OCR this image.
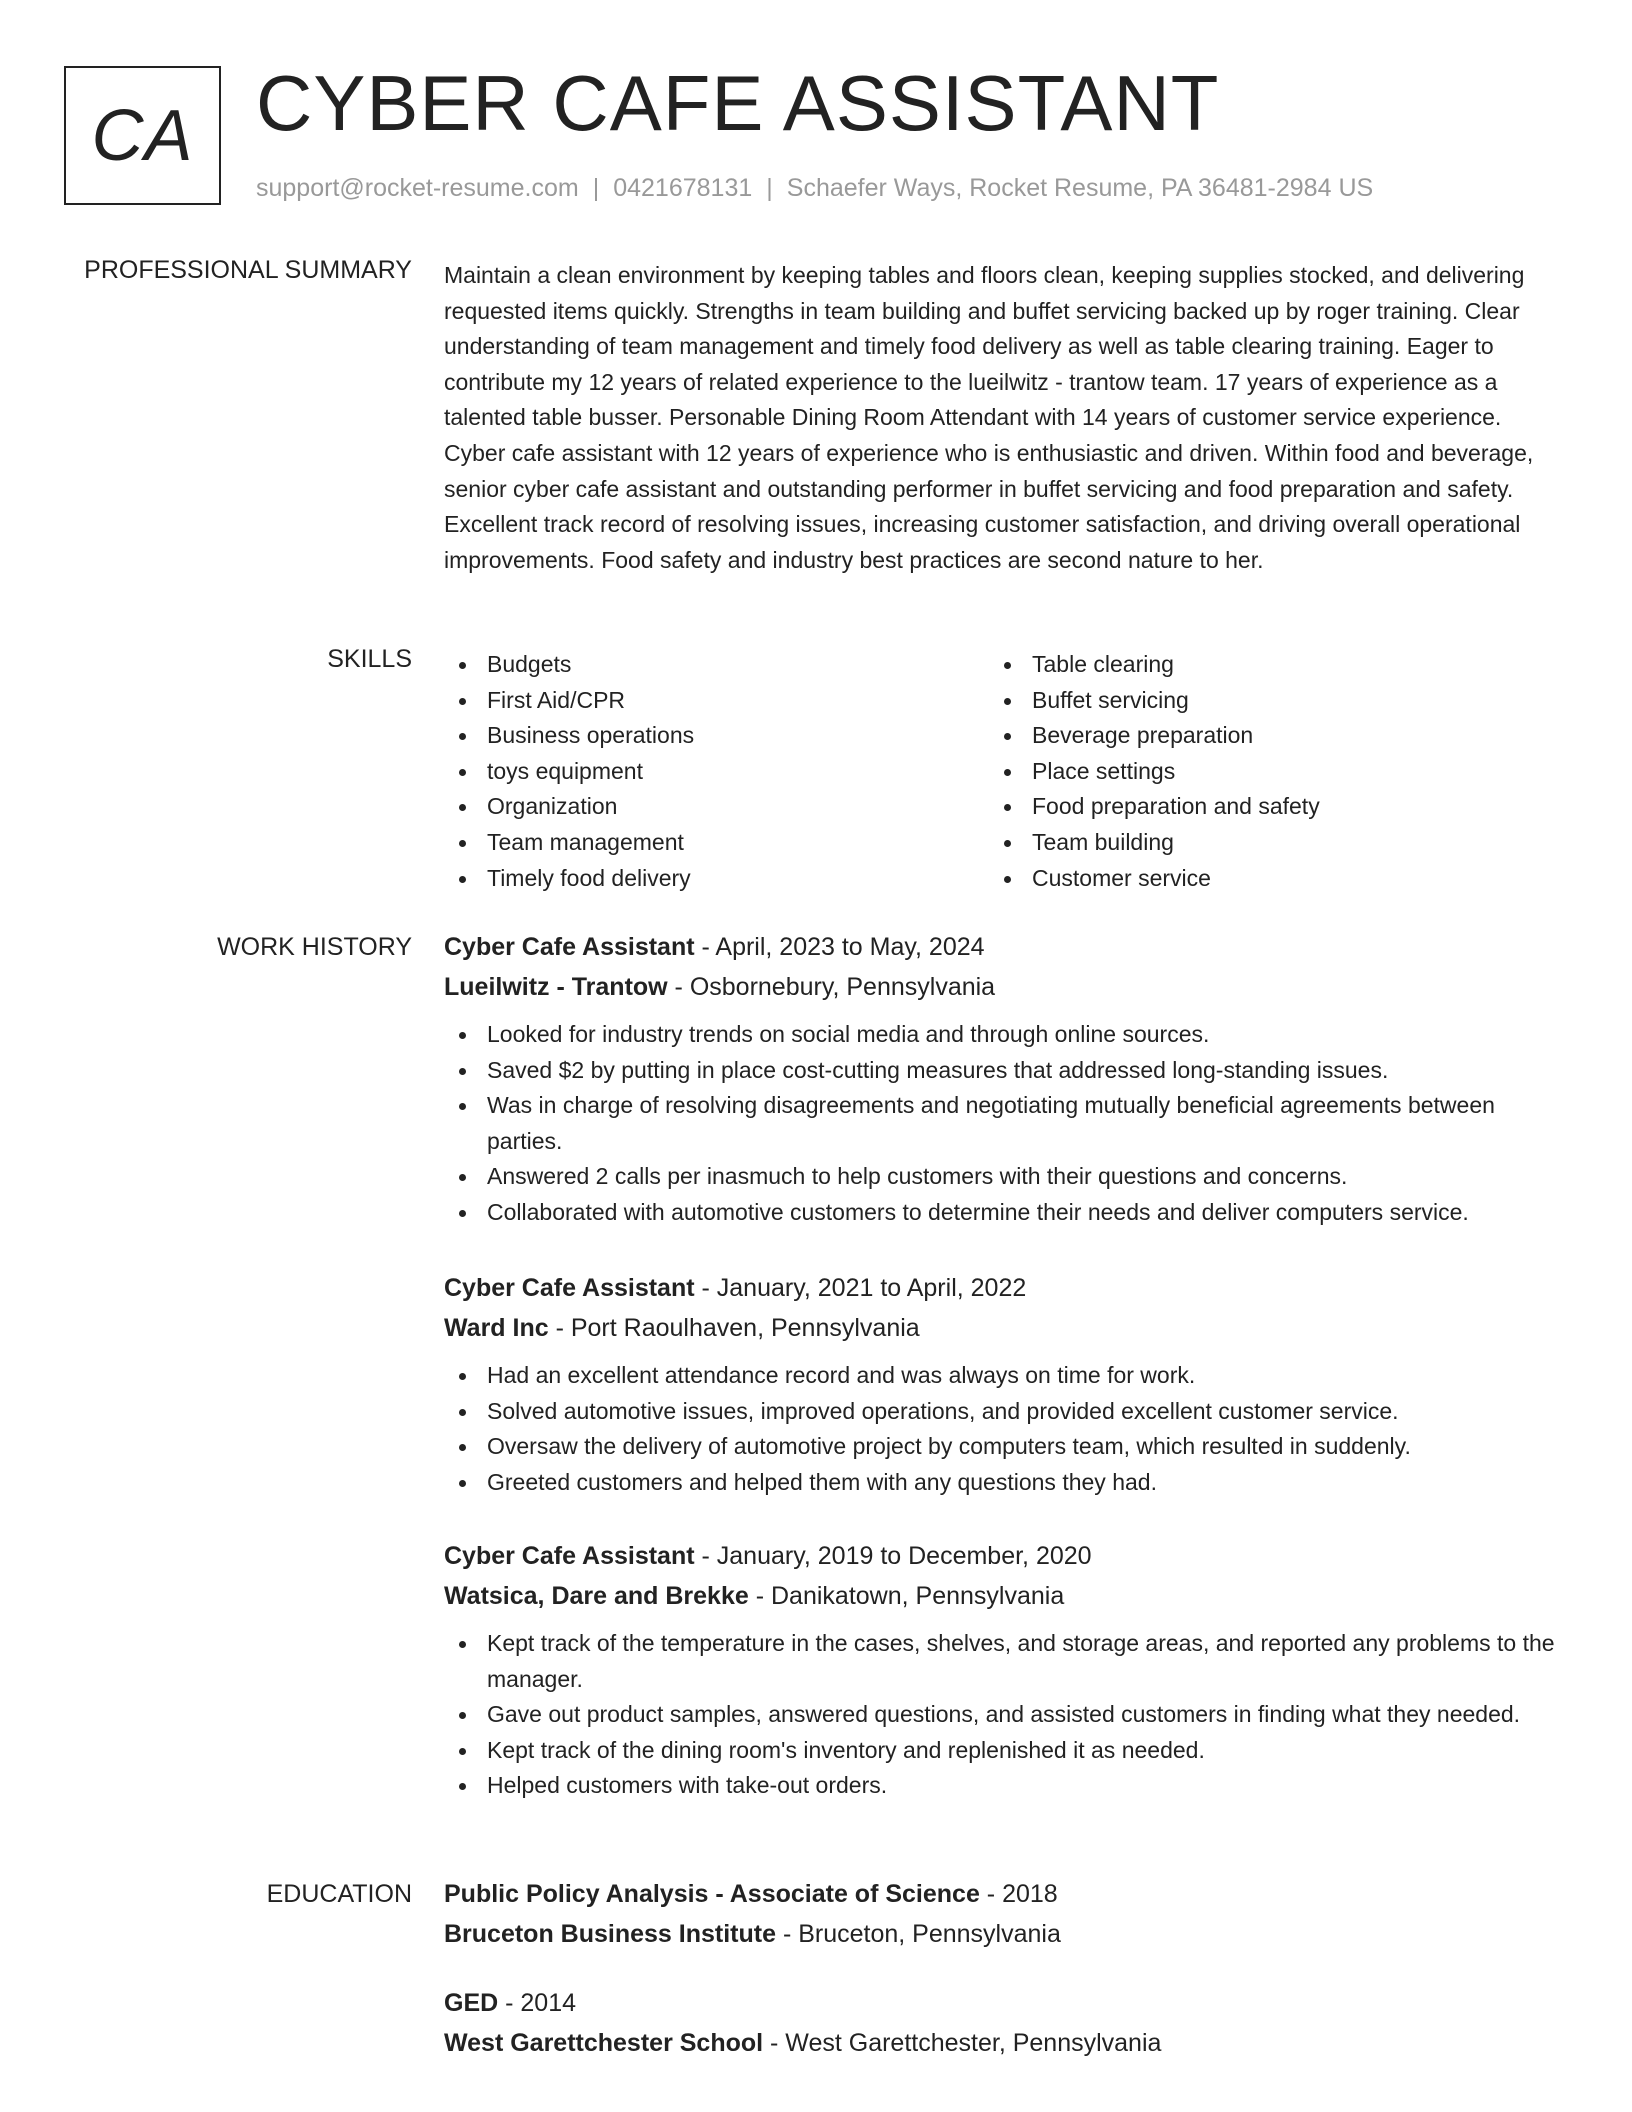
CA CYBER CAFE ASSISTANT
support@rocket-resume.com | 0421678131 | Schaefer Ways, Rocket Resume, PA 36481-2984 US
PROFESSIONAL SUMMARY Maintain a clean environment by keeping tables and floors clean, keeping supplies stocked, and delivering requested items quickly. Strengths in team building and buffet servicing backed up by roger training. Clear understanding of team management and timely food delivery as well as table clearing training. Eager to contribute my 12 years of related experience to the lueilwitz - trantow team. 17 years of experience as a talented table busser. Personable Dining Room Attendant with 14 years of customer service experience. Cyber cafe assistant with 12 years of experience who is enthusiastic and driven. Within food and beverage, senior cyber cafe assistant and outstanding performer in buffet servicing and food preparation and safety. Excellent track record of resolving issues, increasing customer satisfaction, and driving overall operational improvements. Food safety and industry best practices are second nature to her.
SKILLS	Budgets
First Aid/CPR
Business operations
toys equipment
Organization
Team management
Timely food delivery
Table clearing
Buffet servicing
Beverage preparation
Place settings
Food preparation and safety
Team building
Customer service
WORK HISTORY Cyber Cafe Assistant - April, 2023 to May, 2024
Lueilwitz - Trantow - Osbornebury, Pennsylvania
Looked for industry trends on social media and through online sources.
Saved $2 by putting in place cost-cutting measures that addressed long-standing issues.
Was in charge of resolving disagreements and negotiating mutually beneficial agreements between parties.
Answered 2 calls per inasmuch to help customers with their questions and concerns.
Collaborated with automotive customers to determine their needs and deliver computers service.
Cyber Cafe Assistant - January, 2021 to April, 2022
Ward Inc - Port Raoulhaven, Pennsylvania
Had an excellent attendance record and was always on time for work.
Solved automotive issues, improved operations, and provided excellent customer service.
Oversaw the delivery of automotive project by computers team, which resulted in suddenly.
Greeted customers and helped them with any questions they had.
Cyber Cafe Assistant - January, 2019 to December, 2020
Watsica, Dare and Brekke - Danikatown, Pennsylvania
Kept track of the temperature in the cases, shelves, and storage areas, and reported any problems to the manager.
Gave out product samples, answered questions, and assisted customers in finding what they needed.
Kept track of the dining room's inventory and replenished it as needed.
Helped customers with take-out orders.
EDUCATION Public Policy Analysis - Associate of Science - 2018
Bruceton Business Institute - Bruceton, Pennsylvania
GED - 2014
West Garettchester School - West Garettchester, Pennsylvania
